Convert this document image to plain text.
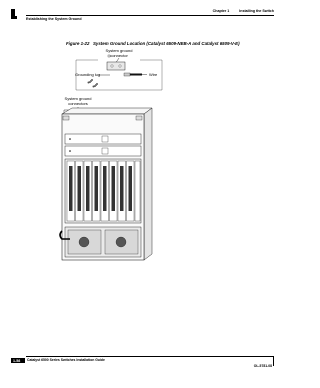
Chapter 1	Installing the Switch
Establishing the System Ground
Figure 1-22 System Ground Location (Catalyst 6509-NEB-A and Catalyst 6509-V-E)
System ground
connector
Grounding lug	Wire
System ground
connectors
1-58 Catalyst 6500 Series Switches Installation Guide
OL-5781-08
